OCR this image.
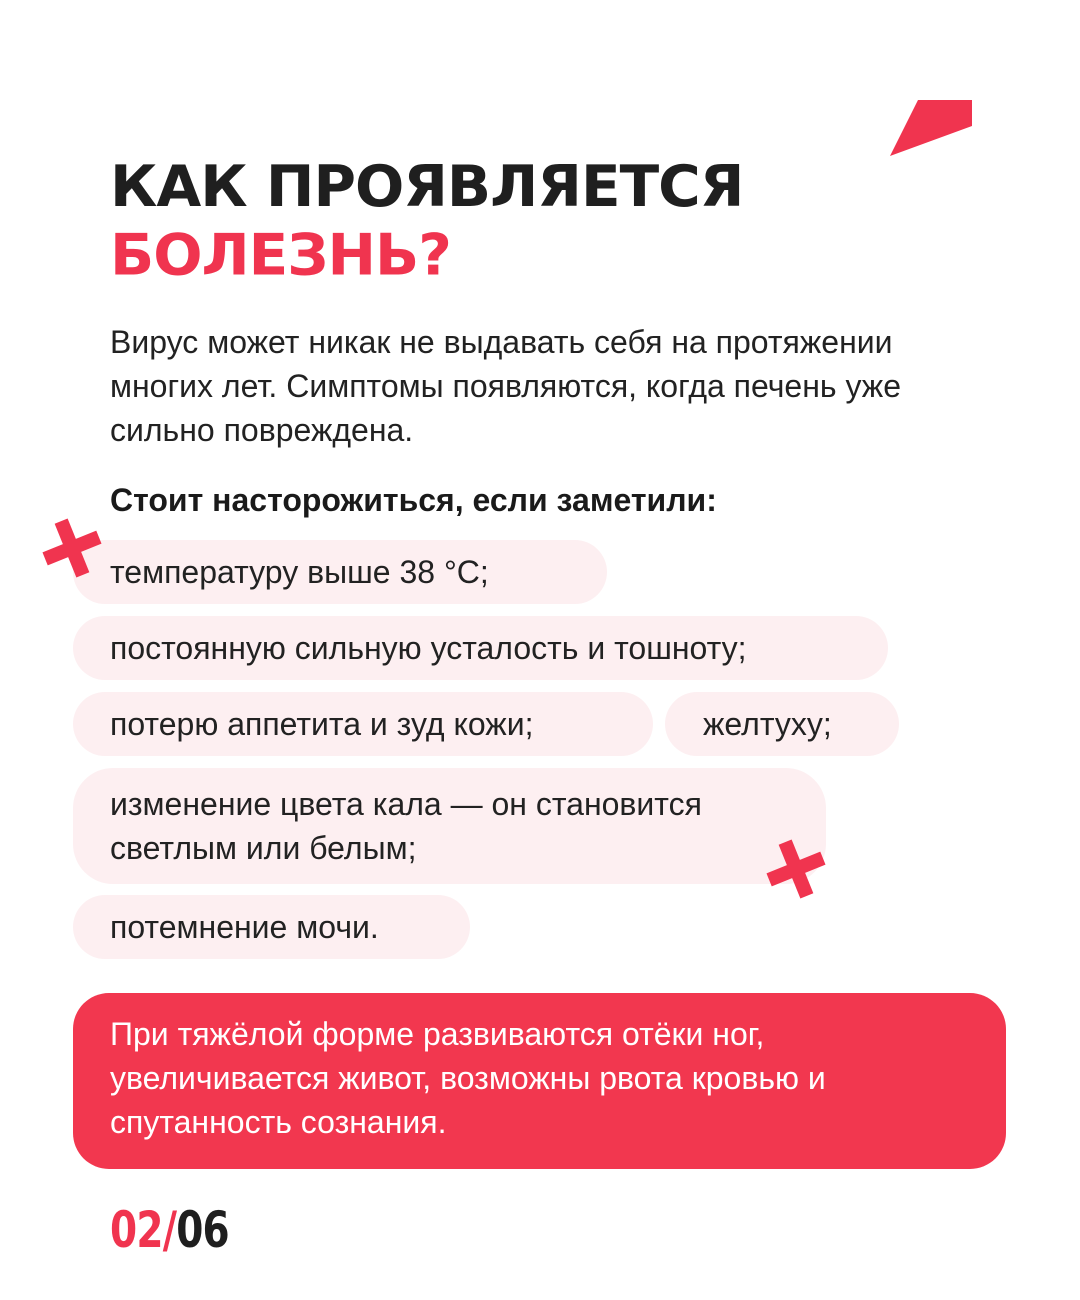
КАК ПРОЯВЛЯЕТСЯ
БОЛЕЗНЬ?

Вирус может никак не выдавать себя на протяжении многих лет. Симптомы появляются, когда печень уже сильно повреждена.

Стоит насторожиться, если заметили:

температуру выше 38 °C;
постоянную сильную усталость и тошноту;
потерю аппетита и зуд кожи;	желтуху;
изменение цвета кала — он становится светлым или белым;
потемнение мочи.
При тяжёлой форме развиваются отёки ног, увеличивается живот, возможны рвота кровью и спутанность сознания.
02/06
